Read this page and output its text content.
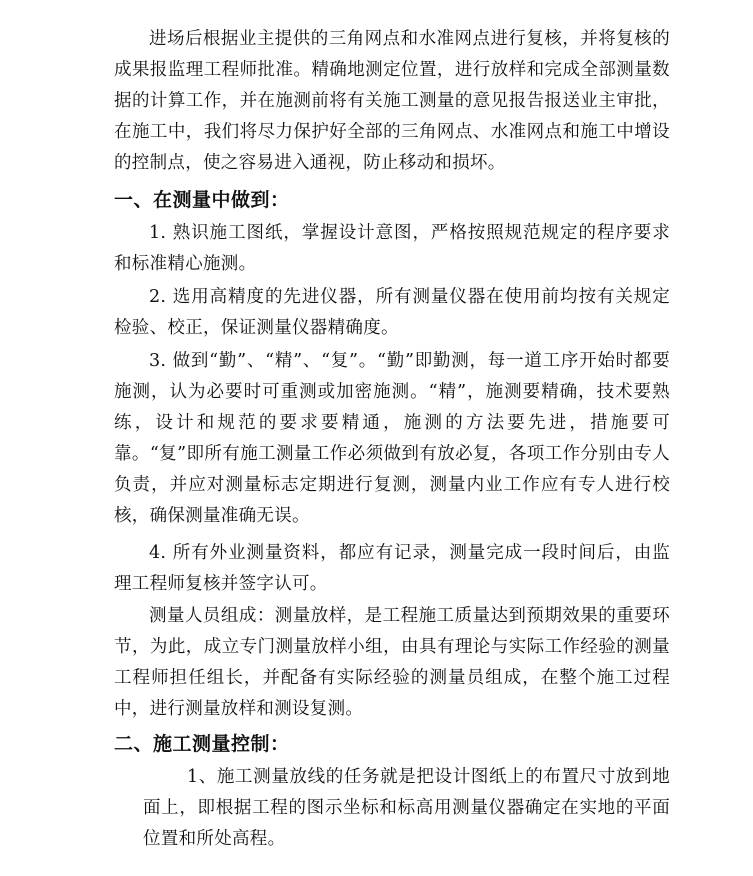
进场后根据业主提供的三角网点和水准网点进行复核，并将复核的成果报监理工程师批准。精确地测定位置，进行放样和完成全部测量数据的计算工作，并在施测前将有关施工测量的意见报告报送业主审批，在施工中，我们将尽力保护好全部的三角网点、水准网点和施工中增设的控制点，使之容易进入通视，防止移动和损坏。

一、在测量中做到：

1. 熟识施工图纸，掌握设计意图，严格按照规范规定的程序要求和标准精心施测。

2. 选用高精度的先进仪器，所有测量仪器在使用前均按有关规定检验、校正，保证测量仪器精确度。

3. 做到“勤”、“精”、“复”。“勤”即勤测，每一道工序开始时都要施测，认为必要时可重测或加密施测。“精”，施测要精确，技术要熟练，设计和规范的要求要精通，施测的方法要先进，措施要可靠。“复”即所有施工测量工作必须做到有放必复，各项工作分别由专人负责，并应对测量标志定期进行复测，测量内业工作应有专人进行校核，确保测量准确无误。

4. 所有外业测量资料，都应有记录，测量完成一段时间后，由监理工程师复核并签字认可。

测量人员组成：测量放样，是工程施工质量达到预期效果的重要环节，为此，成立专门测量放样小组，由具有理论与实际工作经验的测量工程师担任组长，并配备有实际经验的测量员组成，在整个施工过程中，进行测量放样和测设复测。

二、施工测量控制：

1、施工测量放线的任务就是把设计图纸上的布置尺寸放到地面上，即根据工程的图示坐标和标高用测量仪器确定在实地的平面位置和所处高程。
